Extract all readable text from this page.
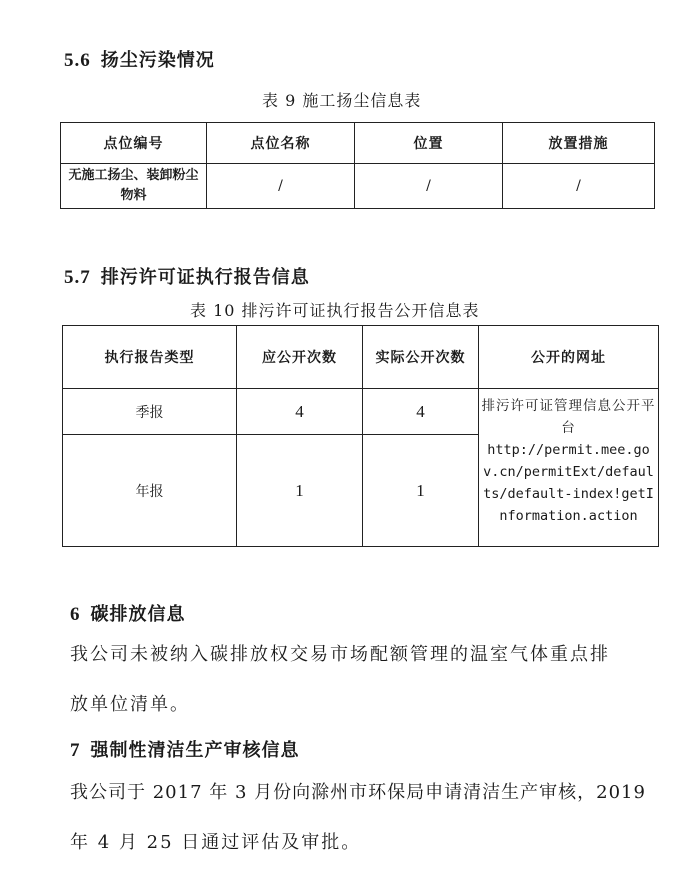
5.6 扬尘污染情况
表 9 施工扬尘信息表
点位编号	点位名称	位置	放置措施
无施工扬尘、装卸粉尘物料	/	/	/
5.7 排污许可证执行报告信息
表 10 排污许可证执行报告公开信息表
执行报告类型	应公开次数	实际公开次数	公开的网址
季报	4	4	排污许可证管理信息公开平台
http://permit.mee.gov.cn/permitExt/defaults/default-index!getInformation.action

年报	1	1	
6 碳排放信息
我公司未被纳入碳排放权交易市场配额管理的温室气体重点排
放单位清单。
7 强制性清洁生产审核信息
我公司于 2017 年 3 月份向滁州市环保局申请清洁生产审核，2019
年 4 月 25 日通过评估及审批。
